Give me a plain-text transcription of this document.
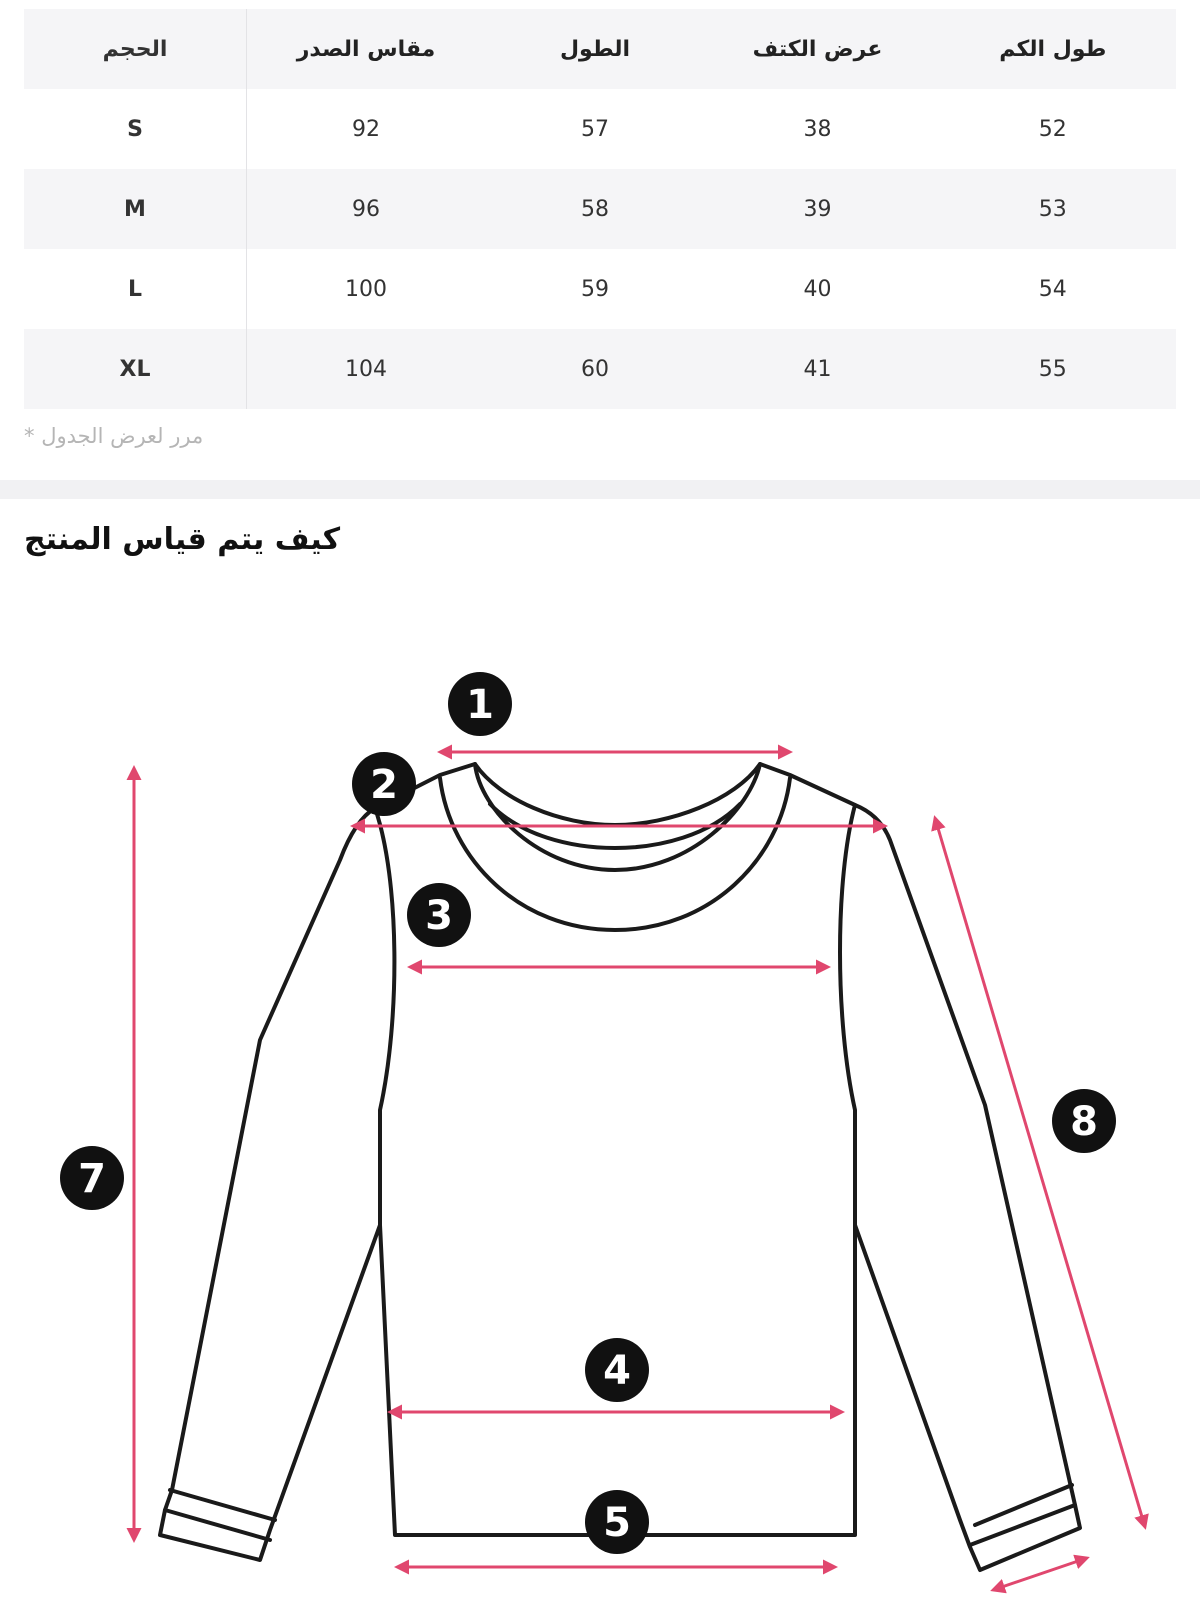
الحجم	مقاس الصدر	الطول	عرض الكتف	طول الكم
S	92	57	38	52
M	96	58	39	53
L	100	59	40	54
XL	104	60	41	55
* مرر لعرض الجدول
كيف يتم قياس المنتج
1
2
3
4
5
7
8
